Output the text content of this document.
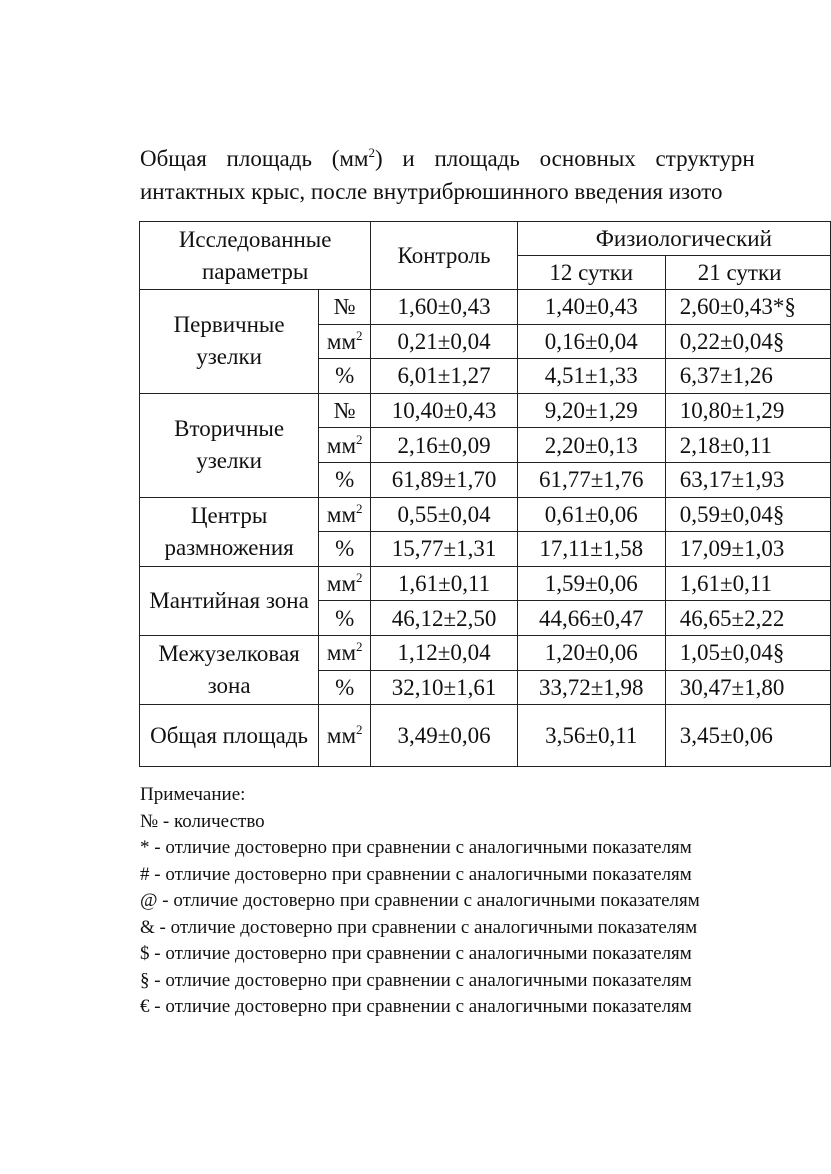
Общая площадь $(мм^2)$ и площадь основных структурн
интактных крыс, после внутрибрюшинного введения изото
Исследованные параметры		Контроль	Физиологический	
			12 сутки	21 сутки
Первичные узелки	№	1,60±0,43	1,40±0,43	2,60±0,43*§
	$мм^2$	0,21±0,04	0,16±0,04	0,22±0,04§
	%	6,01±1,27	4,51±1,33	6,37±1,26
Вторичные узелки	№	10,40±0,43	9,20±1,29	10,80±1,29
	$мм^2$	2,16±0,09	2,20±0,13	2,18±0,11
	%	61,89±1,70	61,77±1,76	63,17±1,93
Центры размножения	$мм^2$	0,55±0,04	0,61±0,06	0,59±0,04§
	%	15,77±1,31	17,11±1,58	17,09±1,03
Мантийная зона	$мм^2$	1,61±0,11	1,59±0,06	1,61±0,11
	%	46,12±2,50	44,66±0,47	46,65±2,22
Межузелковая зона	$мм^2$	1,12±0,04	1,20±0,06	1,05±0,04§
	%	32,10±1,61	33,72±1,98	30,47±1,80
Общая площадь	$мм^2$	3,49±0,06	3,56±0,11	3,45±0,06
Примечание:
№ - количество
* - отличие достоверно при сравнении с аналогичными показателям
# - отличие достоверно при сравнении с аналогичными показателям
@ - отличие достоверно при сравнении с аналогичными показателям
& - отличие достоверно при сравнении с аналогичными показателям
$ - отличие достоверно при сравнении с аналогичными показателям
§ - отличие достоверно при сравнении с аналогичными показателям
€ - отличие достоверно при сравнении с аналогичными показателям
